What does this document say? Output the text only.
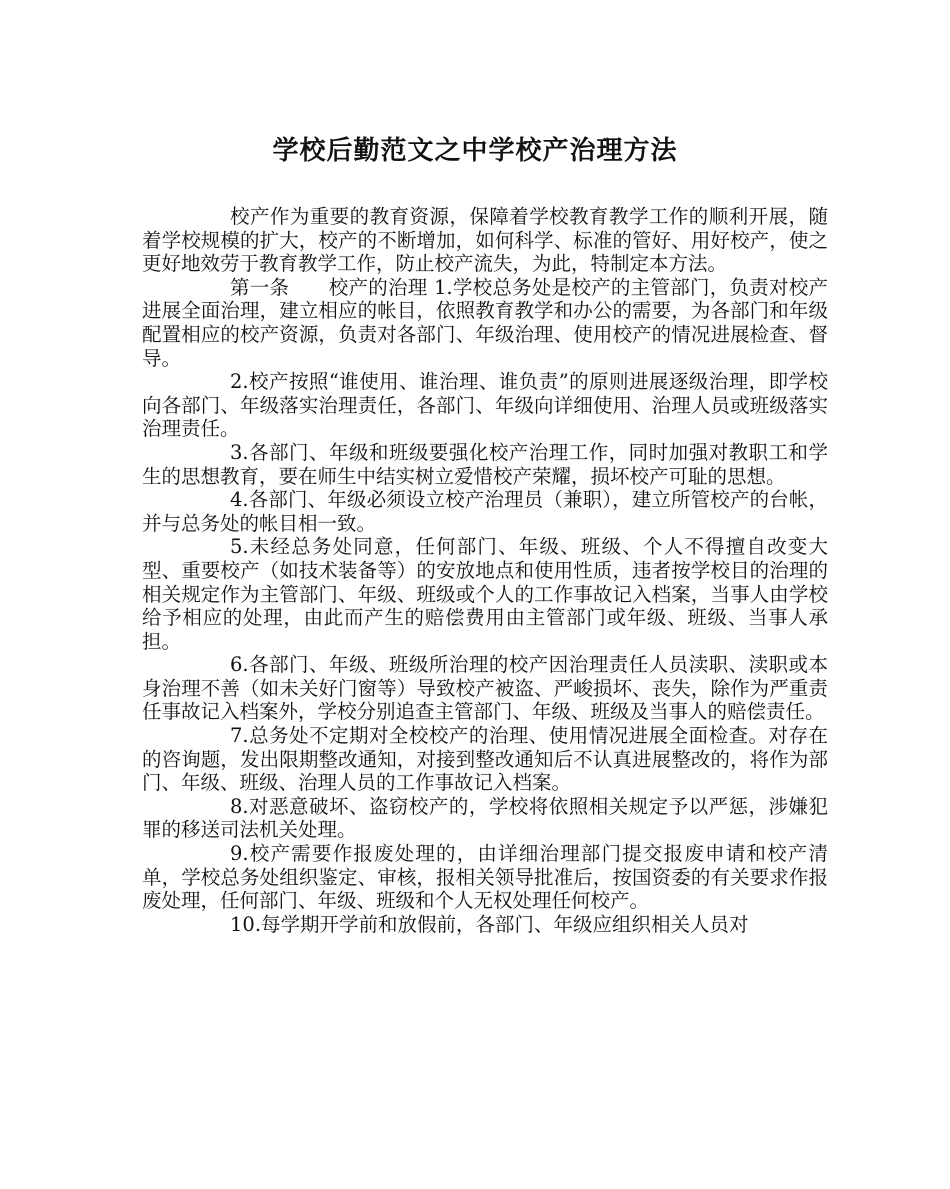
学校后勤范文之中学校产治理方法

校产作为重要的教育资源，保障着学校教育教学工作的顺利开展，随着学校规模的扩大，校产的不断增加，如何科学、标准的管好、用好校产，使之更好地效劳于教育教学工作，防止校产流失，为此，特制定本方法。

第一条　　校产的治理 1.学校总务处是校产的主管部门，负责对校产进展全面治理，建立相应的帐目，依照教育教学和办公的需要，为各部门和年级配置相应的校产资源，负责对各部门、年级治理、使用校产的情况进展检查、督导。

2.校产按照“谁使用、谁治理、谁负责”的原则进展逐级治理，即学校向各部门、年级落实治理责任，各部门、年级向详细使用、治理人员或班级落实治理责任。

3.各部门、年级和班级要强化校产治理工作，同时加强对教职工和学生的思想教育，要在师生中结实树立爱惜校产荣耀，损坏校产可耻的思想。

4.各部门、年级必须设立校产治理员（兼职），建立所管校产的台帐，并与总务处的帐目相一致。

5.未经总务处同意，任何部门、年级、班级、个人不得擅自改变大型、重要校产（如技术装备等）的安放地点和使用性质，违者按学校目的治理的相关规定作为主管部门、年级、班级或个人的工作事故记入档案，当事人由学校给予相应的处理，由此而产生的赔偿费用由主管部门或年级、班级、当事人承担。

6.各部门、年级、班级所治理的校产因治理责任人员渎职、渎职或本身治理不善（如未关好门窗等）导致校产被盗、严峻损坏、丧失，除作为严重责任事故记入档案外，学校分别追查主管部门、年级、班级及当事人的赔偿责任。

7.总务处不定期对全校校产的治理、使用情况进展全面检查。对存在的咨询题，发出限期整改通知，对接到整改通知后不认真进展整改的，将作为部门、年级、班级、治理人员的工作事故记入档案。

8.对恶意破坏、盗窃校产的，学校将依照相关规定予以严惩，涉嫌犯罪的移送司法机关处理。

9.校产需要作报废处理的，由详细治理部门提交报废申请和校产清单，学校总务处组织鉴定、审核，报相关领导批准后，按国资委的有关要求作报废处理，任何部门、年级、班级和个人无权处理任何校产。

10.每学期开学前和放假前，各部门、年级应组织相关人员对
